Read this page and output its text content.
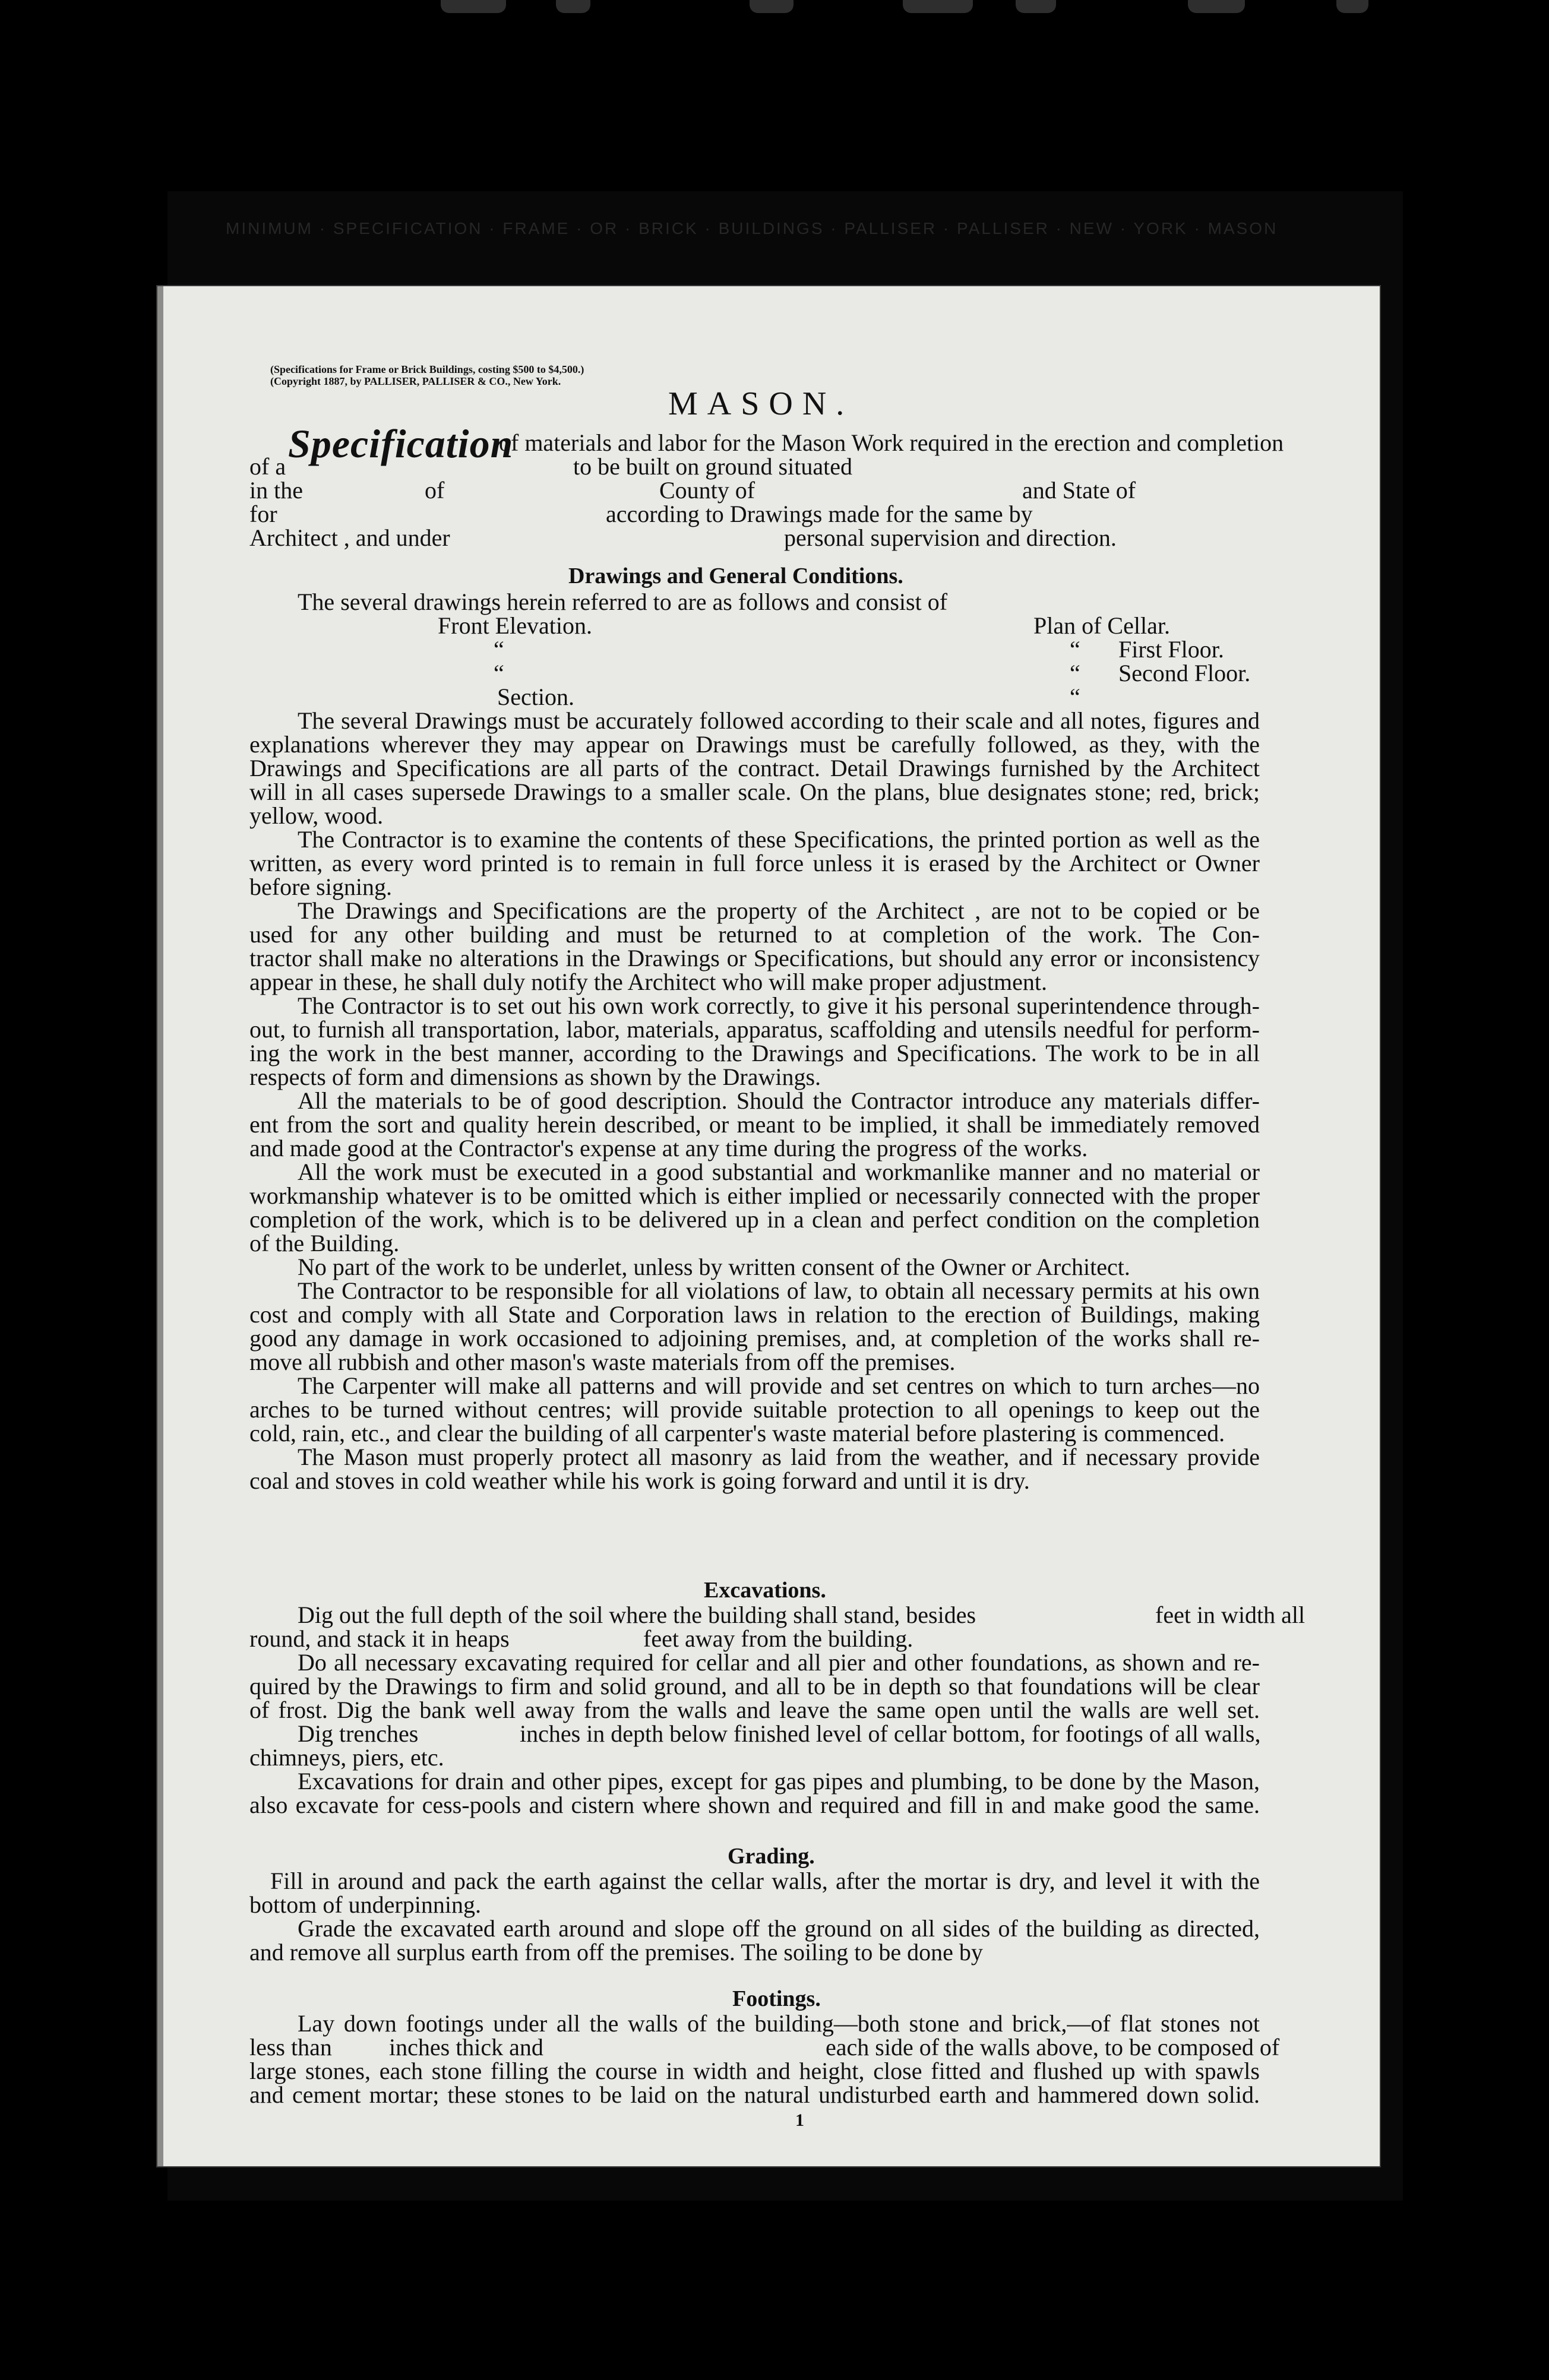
MINIMUM · SPECIFICATION · FRAME · OR · BRICK · BUILDINGS · PALLISER · PALLISER · NEW · YORK · MASON
(Specifications for Frame or Brick Buildings, costing $500 to $4,500.)
(Copyright 1887, by PALLISER, PALLISER & CO., New York.
MASON.
Specification
of materials and labor for the Mason Work required in the erection and completion
of a	to be built on ground situated
in the	of	County of	and State of
for	according to Drawings made for the same by
Architect , and under	personal supervision and direction.
Drawings and General Conditions.
The several drawings herein referred to are as follows and consist of
Front Elevation.	Plan of Cellar.
“	“ First Floor.
“	“ Second Floor.
Section.	“
The several Drawings must be accurately followed according to their scale and all notes, figures and
explanations wherever they may appear on Drawings must be carefully followed, as they, with the
Drawings and Specifications are all parts of the contract. Detail Drawings furnished by the Architect
will in all cases supersede Drawings to a smaller scale. On the plans, blue designates stone; red, brick;
yellow, wood.
The Contractor is to examine the contents of these Specifications, the printed portion as well as the
written, as every word printed is to remain in full force unless it is erased by the Architect or Owner
before signing.
The Drawings and Specifications are the property of the Architect , are not to be copied or be
used for any other building and must be returned to at completion of the work. The Con-
tractor shall make no alterations in the Drawings or Specifications, but should any error or inconsistency
appear in these, he shall duly notify the Architect who will make proper adjustment.
The Contractor is to set out his own work correctly, to give it his personal superintendence through-
out, to furnish all transportation, labor, materials, apparatus, scaffolding and utensils needful for perform-
ing the work in the best manner, according to the Drawings and Specifications. The work to be in all
respects of form and dimensions as shown by the Drawings.
All the materials to be of good description. Should the Contractor introduce any materials differ-
ent from the sort and quality herein described, or meant to be implied, it shall be immediately removed
and made good at the Contractor's expense at any time during the progress of the works.
All the work must be executed in a good substantial and workmanlike manner and no material or
workmanship whatever is to be omitted which is either implied or necessarily connected with the proper
completion of the work, which is to be delivered up in a clean and perfect condition on the completion
of the Building.
No part of the work to be underlet, unless by written consent of the Owner or Architect.
The Contractor to be responsible for all violations of law, to obtain all necessary permits at his own
cost and comply with all State and Corporation laws in relation to the erection of Buildings, making
good any damage in work occasioned to adjoining premises, and, at completion of the works shall re-
move all rubbish and other mason's waste materials from off the premises.
The Carpenter will make all patterns and will provide and set centres on which to turn arches—no
arches to be turned without centres; will provide suitable protection to all openings to keep out the
cold, rain, etc., and clear the building of all carpenter's waste material before plastering is commenced.
The Mason must properly protect all masonry as laid from the weather, and if necessary provide
coal and stoves in cold weather while his work is going forward and until it is dry.
Excavations.
Dig out the full depth of the soil where the building shall stand, besides	feet in width all
round, and stack it in heaps	feet away from the building.
Do all necessary excavating required for cellar and all pier and other foundations, as shown and re-
quired by the Drawings to firm and solid ground, and all to be in depth so that foundations will be clear
of frost. Dig the bank well away from the walls and leave the same open until the walls are well set.
Dig trenches	inches in depth below finished level of cellar bottom, for footings of all walls,
chimneys, piers, etc.
Excavations for drain and other pipes, except for gas pipes and plumbing, to be done by the Mason,
also excavate for cess-pools and cistern where shown and required and fill in and make good the same.
Grading.
Fill in around and pack the earth against the cellar walls, after the mortar is dry, and level it with the
bottom of underpinning.
Grade the excavated earth around and slope off the ground on all sides of the building as directed,
and remove all surplus earth from off the premises. The soiling to be done by
Footings.
Lay down footings under all the walls of the building—both stone and brick,—of flat stones not
less than inches thick and	each side of the walls above, to be composed of
large stones, each stone filling the course in width and height, close fitted and flushed up with spawls
and cement mortar; these stones to be laid on the natural undisturbed earth and hammered down solid.
1
